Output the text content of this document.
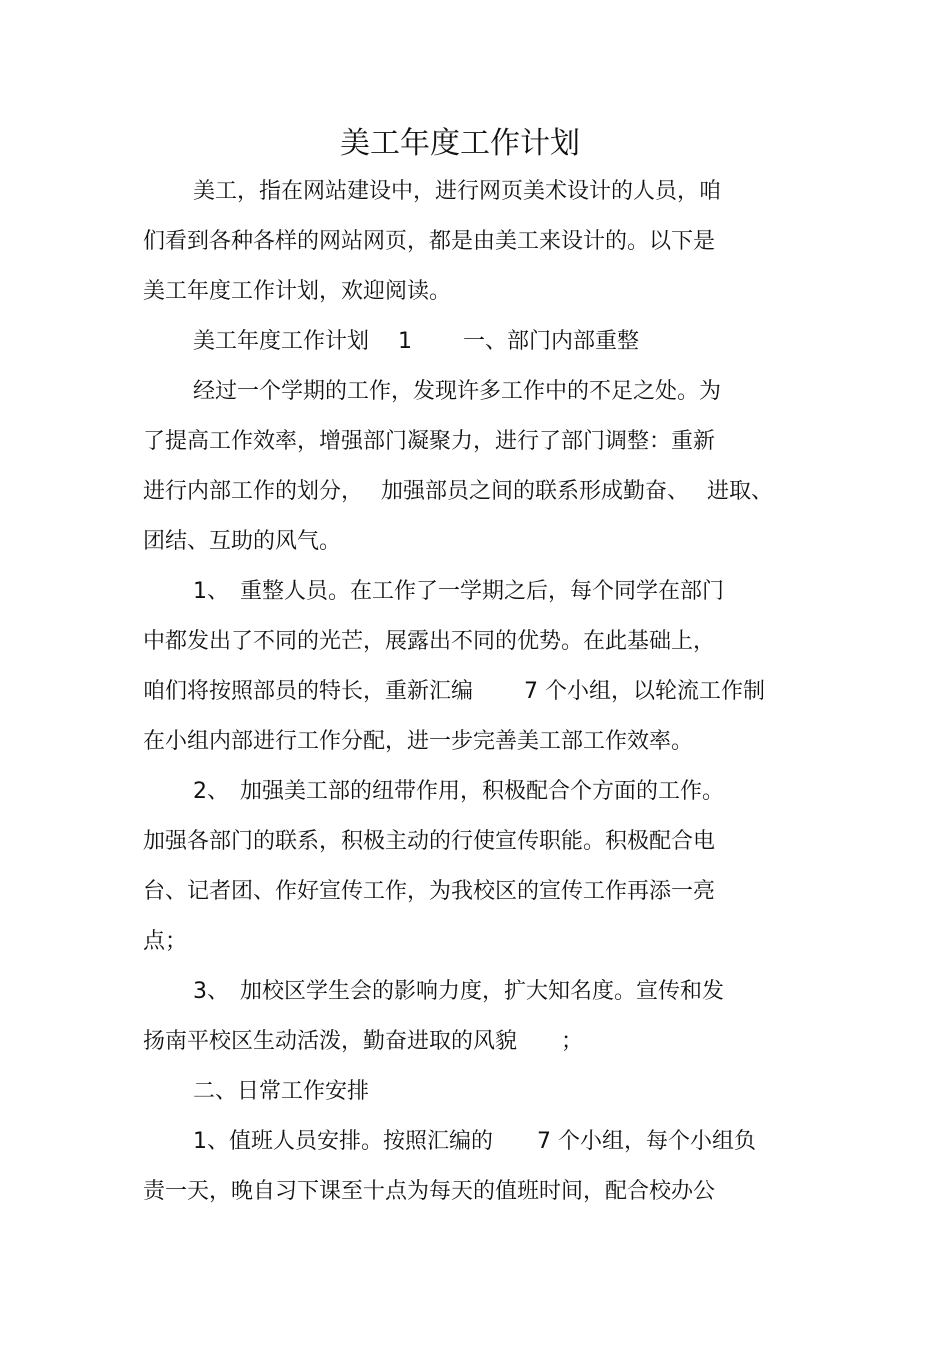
美工年度工作计划
美工，指在网站建设中，进行网页美术设计的人员，咱
们看到各种各样的网站网页，都是由美工来设计的。以下是
美工年度工作计划，欢迎阅读。
美工年度工作计划　 1　　 一、部门内部重整
经过一个学期的工作，发现许多工作中的不足之处。为
了提高工作效率，增强部门凝聚力，进行了部门调整：重新
进行内部工作的划分，　 加强部员之间的联系形成勤奋、　 进取、
团结、互助的风气。
1、　重整人员。在工作了一学期之后，每个同学在部门
中都发出了不同的光芒，展露出不同的优势。在此基础上，
咱们将按照部员的特长，重新汇编　　 7 个小组，以轮流工作制
在小组内部进行工作分配，进一步完善美工部工作效率。
2、　加强美工部的纽带作用，积极配合个方面的工作。
加强各部门的联系，积极主动的行使宣传职能。积极配合电
台、记者团、作好宣传工作，为我校区的宣传工作再添一亮
点；
3、　加校区学生会的影响力度，扩大知名度。宣传和发
扬南平校区生动活泼，勤奋进取的风貌　　；
二、日常工作安排
1、值班人员安排。按照汇编的　　7 个小组，每个小组负
责一天，晚自习下课至十点为每天的值班时间，配合校办公
